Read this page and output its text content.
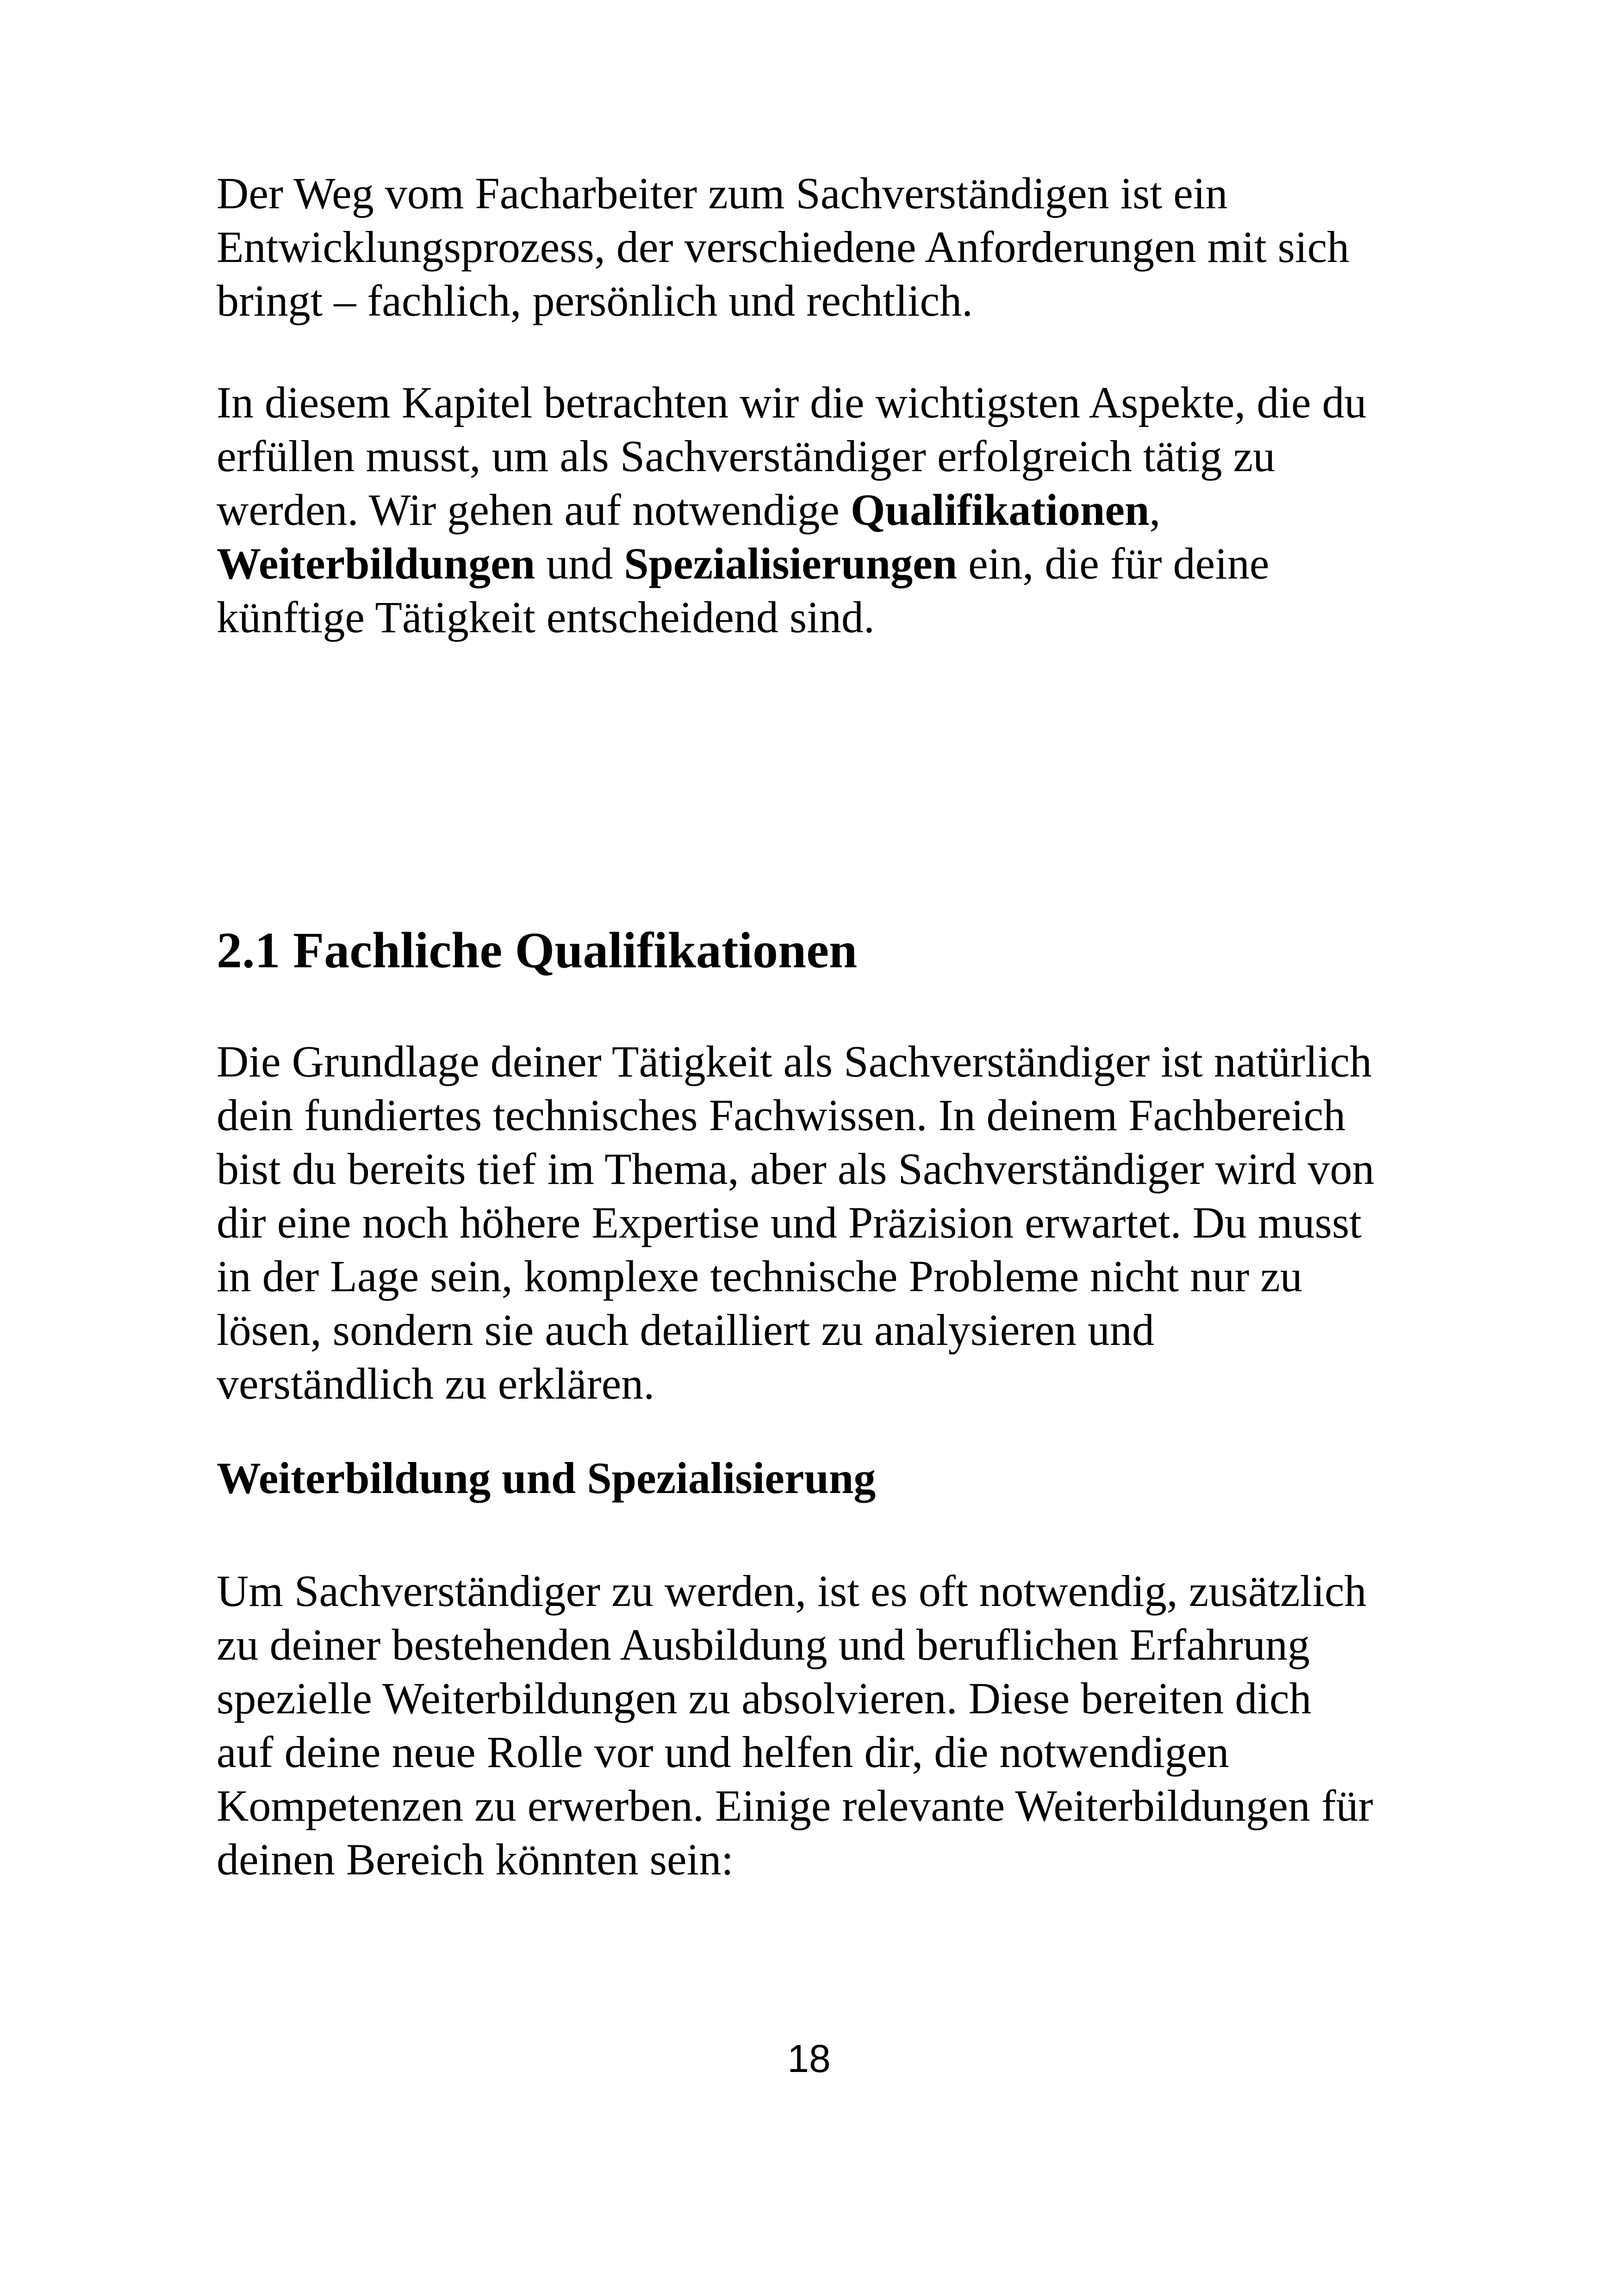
Der Weg vom Facharbeiter zum Sachverständigen ist ein
Entwicklungsprozess, der verschiedene Anforderungen mit sich
bringt – fachlich, persönlich und rechtlich.

In diesem Kapitel betrachten wir die wichtigsten Aspekte, die du
erfüllen musst, um als Sachverständiger erfolgreich tätig zu
werden. Wir gehen auf notwendige Qualifikationen,
Weiterbildungen und Spezialisierungen ein, die für deine
künftige Tätigkeit entscheidend sind.

2.1 Fachliche Qualifikationen

Die Grundlage deiner Tätigkeit als Sachverständiger ist natürlich
dein fundiertes technisches Fachwissen. In deinem Fachbereich
bist du bereits tief im Thema, aber als Sachverständiger wird von
dir eine noch höhere Expertise und Präzision erwartet. Du musst
in der Lage sein, komplexe technische Probleme nicht nur zu
lösen, sondern sie auch detailliert zu analysieren und
verständlich zu erklären.

Weiterbildung und Spezialisierung

Um Sachverständiger zu werden, ist es oft notwendig, zusätzlich
zu deiner bestehenden Ausbildung und beruflichen Erfahrung
spezielle Weiterbildungen zu absolvieren. Diese bereiten dich
auf deine neue Rolle vor und helfen dir, die notwendigen
Kompetenzen zu erwerben. Einige relevante Weiterbildungen für
deinen Bereich könnten sein:

18
